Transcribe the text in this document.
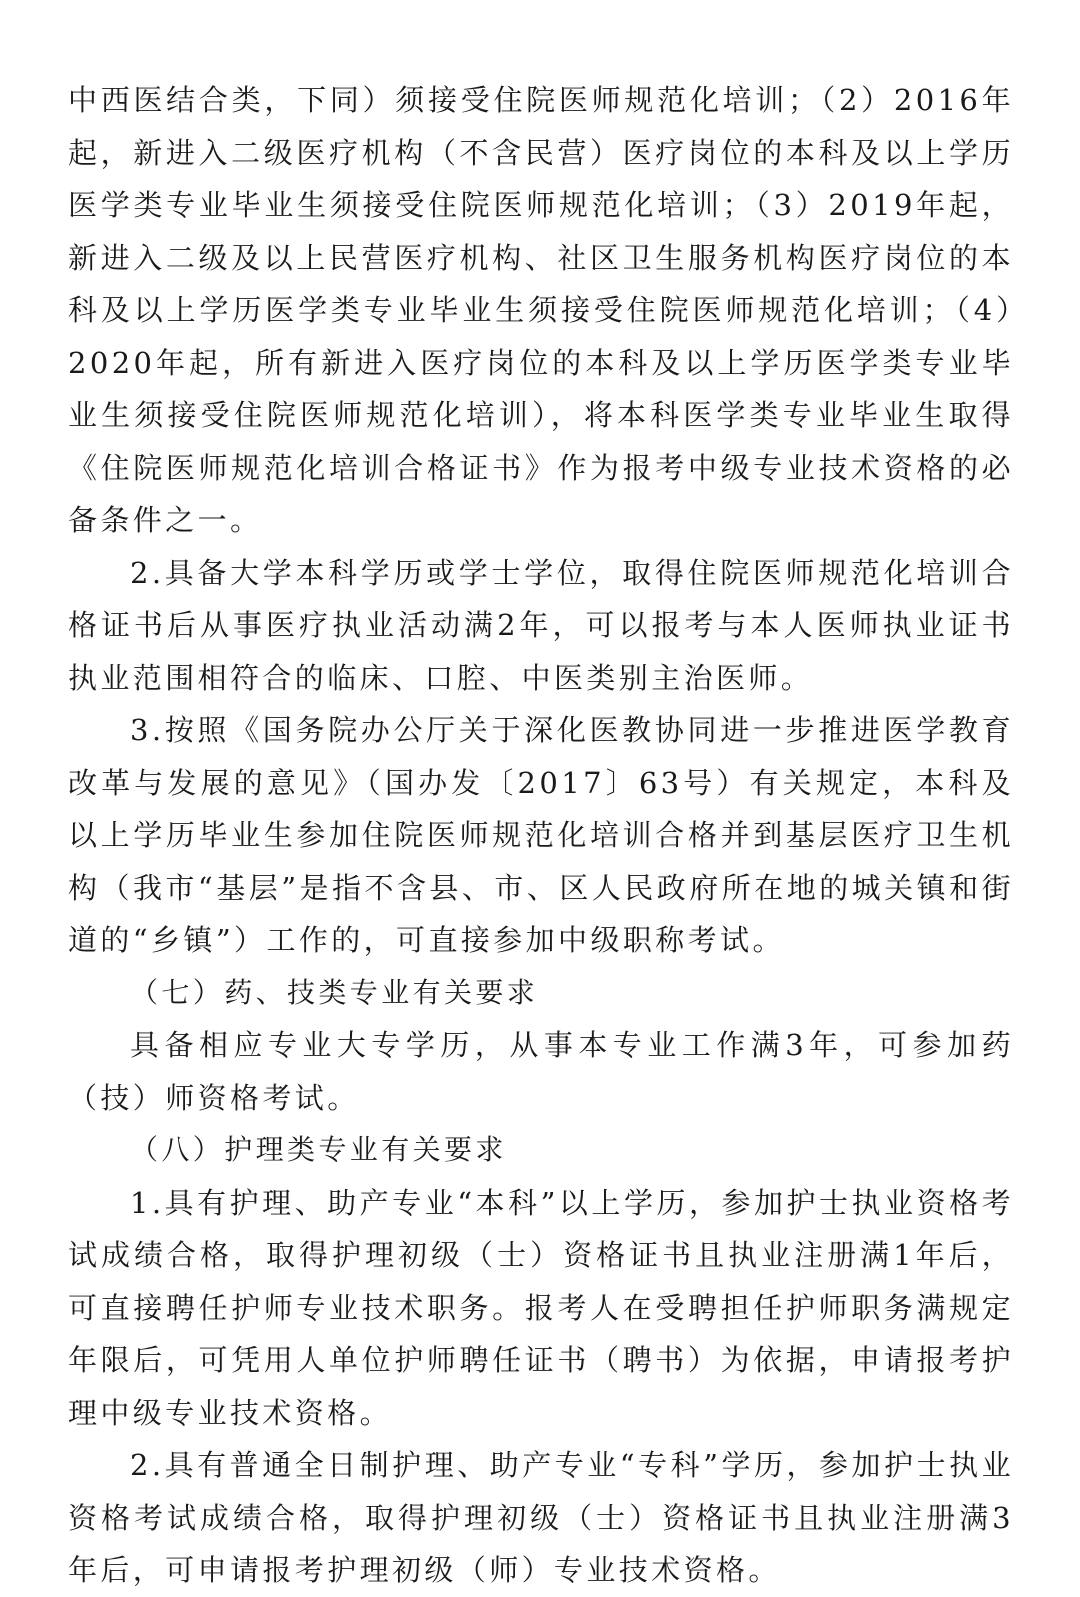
中西医结合类，下同）须接受住院医师规范化培训；（2）2016年起，新进入二级医疗机构（不含民营）医疗岗位的本科及以上学历医学类专业毕业生须接受住院医师规范化培训；（3）2019年起，新进入二级及以上民营医疗机构、社区卫生服务机构医疗岗位的本科及以上学历医学类专业毕业生须接受住院医师规范化培训；（4）2020年起，所有新进入医疗岗位的本科及以上学历医学类专业毕业生须接受住院医师规范化培训），将本科医学类专业毕业生取得《住院医师规范化培训合格证书》作为报考中级专业技术资格的必备条件之一。

2.具备大学本科学历或学士学位，取得住院医师规范化培训合格证书后从事医疗执业活动满2年，可以报考与本人医师执业证书执业范围相符合的临床、口腔、中医类别主治医师。

3.按照《国务院办公厅关于深化医教协同进一步推进医学教育改革与发展的意见》（国办发〔2017〕63号）有关规定，本科及以上学历毕业生参加住院医师规范化培训合格并到基层医疗卫生机构（我市“基层”是指不含县、市、区人民政府所在地的城关镇和街道的“乡镇”）工作的，可直接参加中级职称考试。

（七）药、技类专业有关要求

具备相应专业大专学历，从事本专业工作满3年，可参加药（技）师资格考试。

（八）护理类专业有关要求

1.具有护理、助产专业“本科”以上学历，参加护士执业资格考试成绩合格，取得护理初级（士）资格证书且执业注册满1年后，可直接聘任护师专业技术职务。报考人在受聘担任护师职务满规定年限后，可凭用人单位护师聘任证书（聘书）为依据，申请报考护理中级专业技术资格。

2.具有普通全日制护理、助产专业“专科”学历，参加护士执业资格考试成绩合格，取得护理初级（士）资格证书且执业注册满3年后，可申请报考护理初级（师）专业技术资格。
